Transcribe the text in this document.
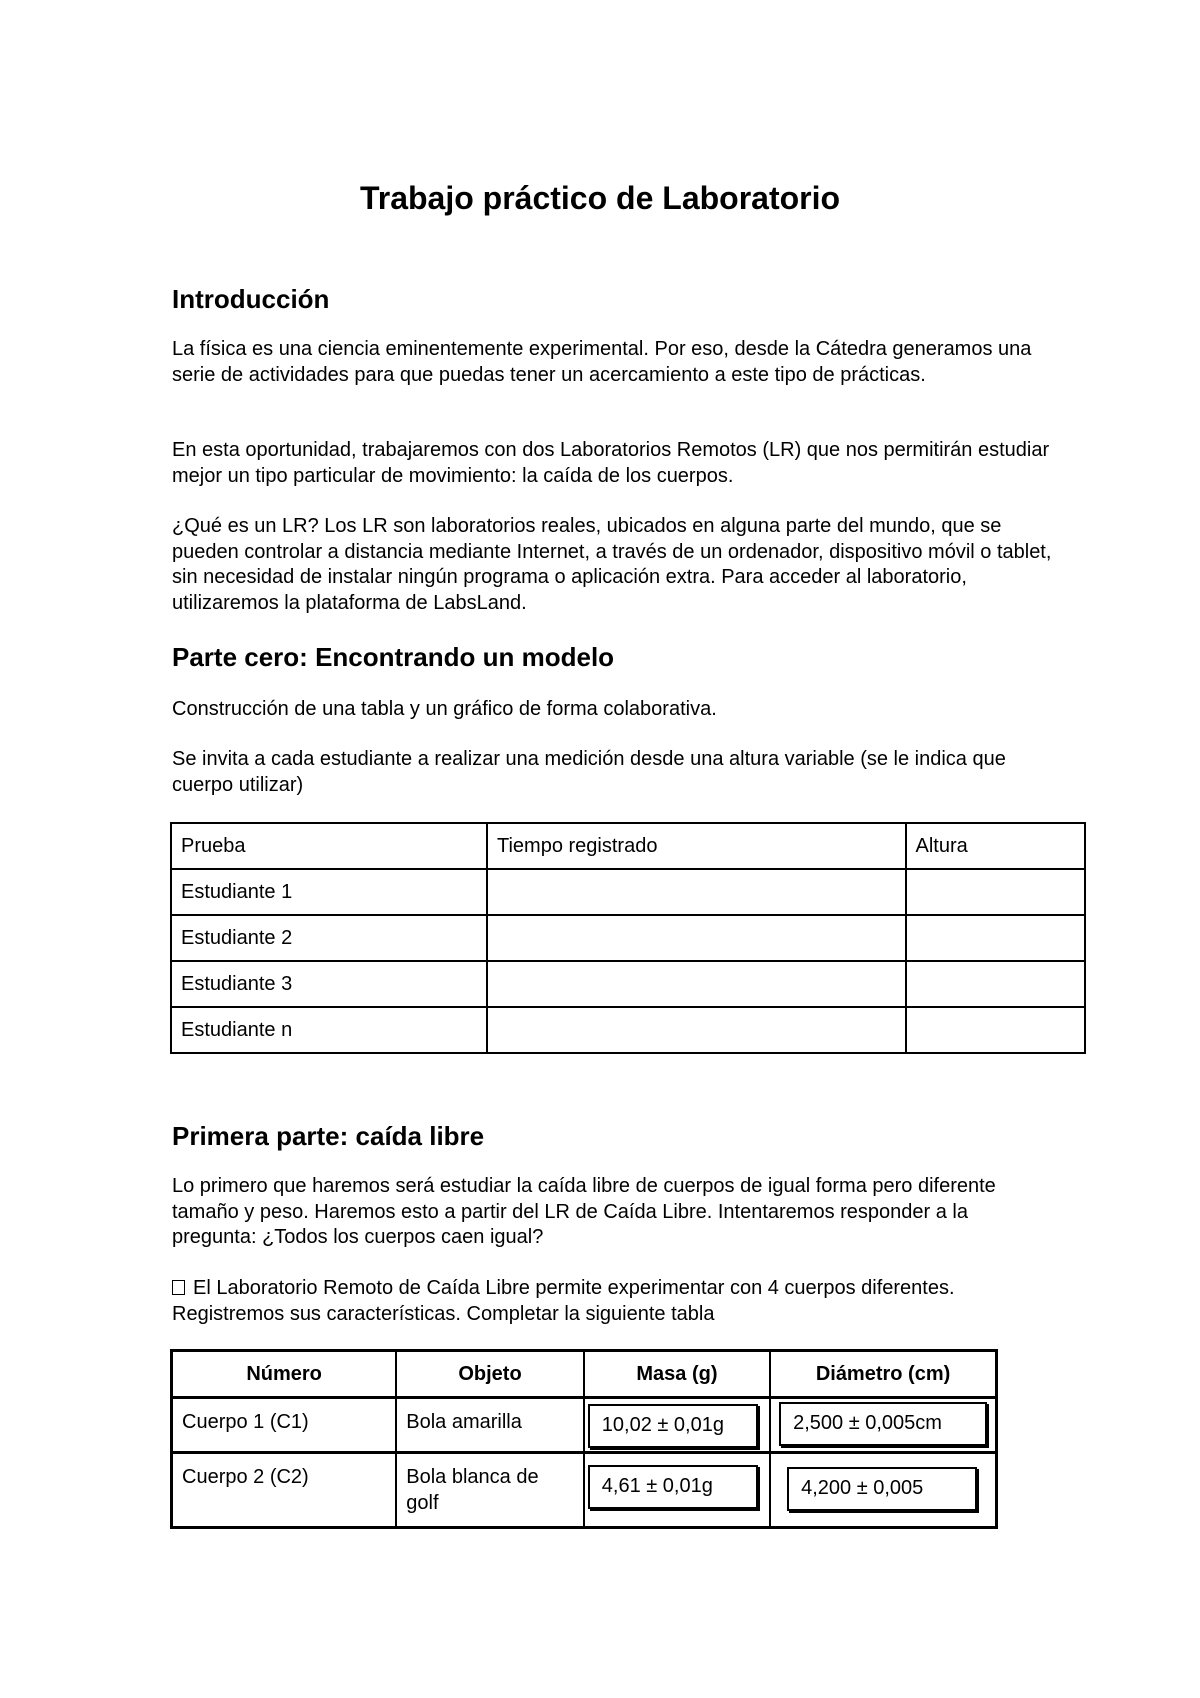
Trabajo práctico de Laboratorio
Introducción

La física es una ciencia eminentemente experimental. Por eso, desde la Cátedra generamos una serie de actividades para que puedas tener un acercamiento a este tipo de prácticas.

En esta oportunidad, trabajaremos con dos Laboratorios Remotos (LR) que nos permitirán estudiar mejor un tipo particular de movimiento: la caída de los cuerpos.

¿Qué es un LR? Los LR son laboratorios reales, ubicados en alguna parte del mundo, que se pueden controlar a distancia mediante Internet, a través de un ordenador, dispositivo móvil o tablet, sin necesidad de instalar ningún programa o aplicación extra. Para acceder al laboratorio, utilizaremos la plataforma de LabsLand.

Parte cero: Encontrando un modelo

Construcción de una tabla y un gráfico de forma colaborativa.

Se invita a cada estudiante a realizar una medición desde una altura variable (se le indica que cuerpo utilizar)

Prueba	Tiempo registrado	Altura
Estudiante 1		
Estudiante 2		
Estudiante 3		
Estudiante n		
Primera parte: caída libre

Lo primero que haremos será estudiar la caída libre de cuerpos de igual forma pero diferente tamaño y peso. Haremos esto a partir del LR de Caída Libre. Intentaremos responder a la pregunta: ¿Todos los cuerpos caen igual?

El Laboratorio Remoto de Caída Libre permite experimentar con 4 cuerpos diferentes. Registremos sus características. Completar la siguiente tabla

Número	Objeto	Masa (g)	Diámetro (cm)
Cuerpo 1 (C1)	Bola amarilla	10,02 ± 0,01g	2,500 ± 0,005cm

Cuerpo 2 (C2)	Bola blanca de golf	4,61 ± 0,01g	4,200 ± 0,005
